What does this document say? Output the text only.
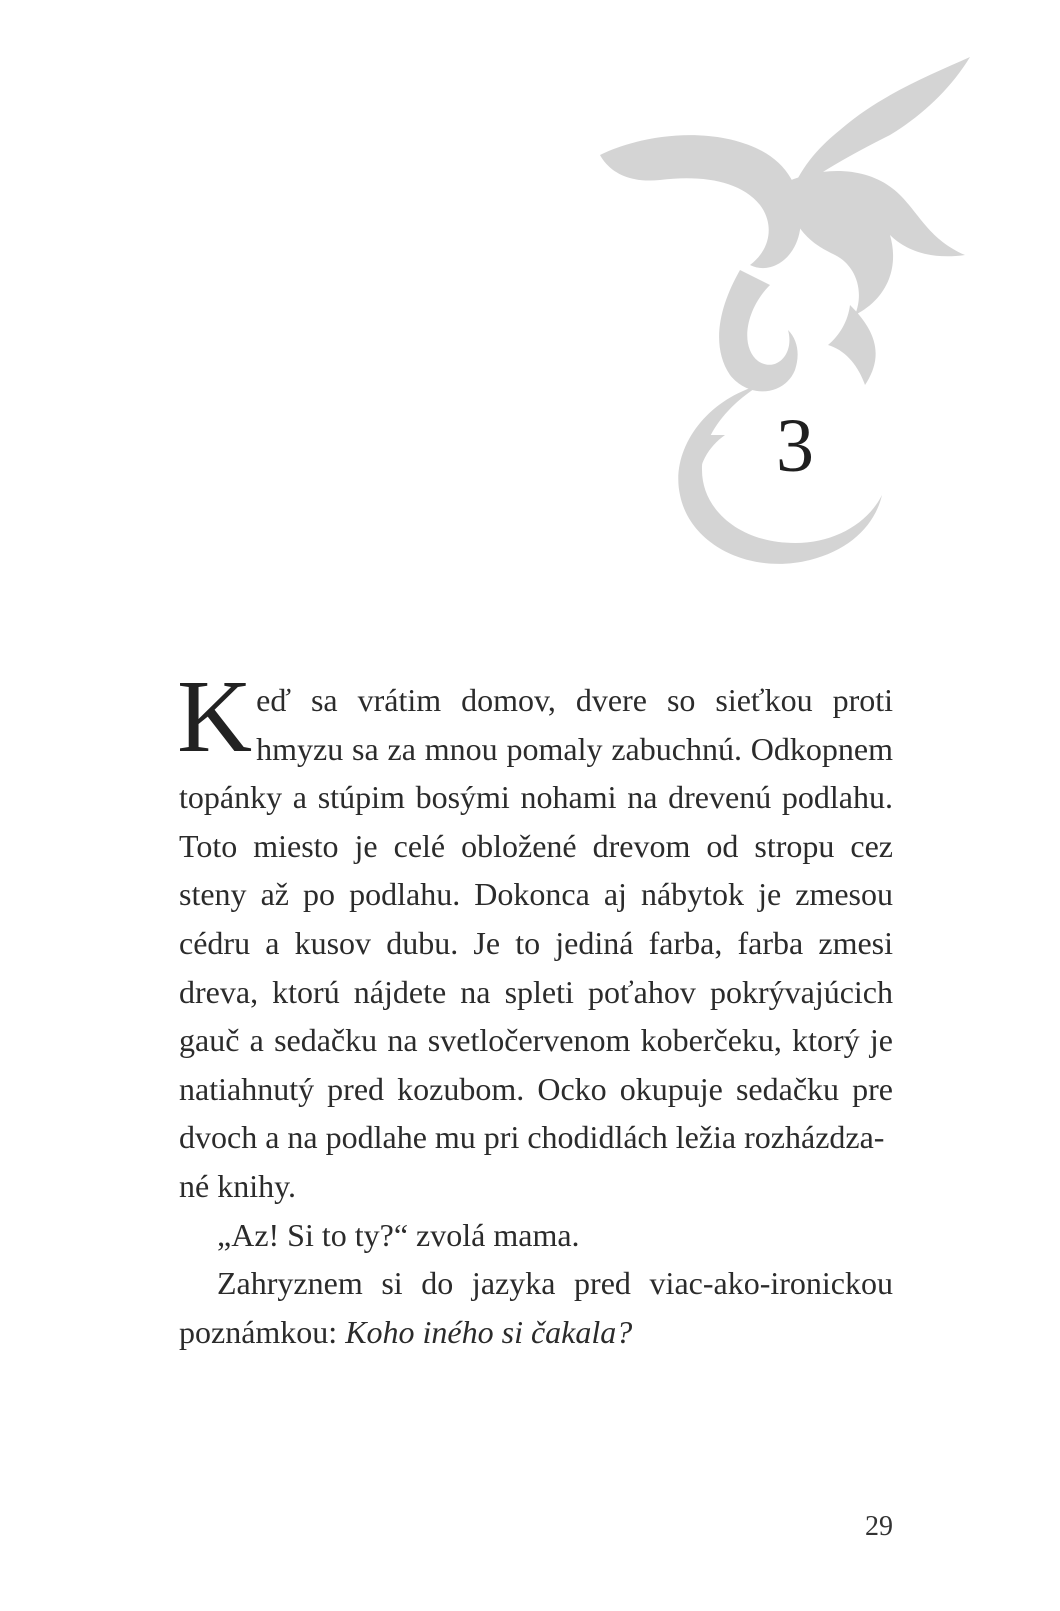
3

Keď sa vrátim domov, dvere so sieťkou proti hmyzu sa za mnou pomaly zabuchnú. Odkopnem topánky a stúpim bosými nohami na drevenú podlahu. Toto miesto je celé obložené drevom od stropu cez steny až po podlahu. Dokonca aj nábytok je zmesou cédru a kusov dubu. Je to jediná farba, farba zmesi dreva, ktorú nájdete na spleti poťahov pokrývajúcich gauč a sedačku na svetločervenom koberčeku, ktorý je natiahnutý pred kozubom. Ocko okupuje sedačku pre dvoch a na podlahe mu pri chodidlách ležia rozházdza-
né knihy.

„Az! Si to ty?“ zvolá mama.

Zahryznem si do jazyka pred viac-ako-ironickou poznámkou: Koho iného si čakala?

29
